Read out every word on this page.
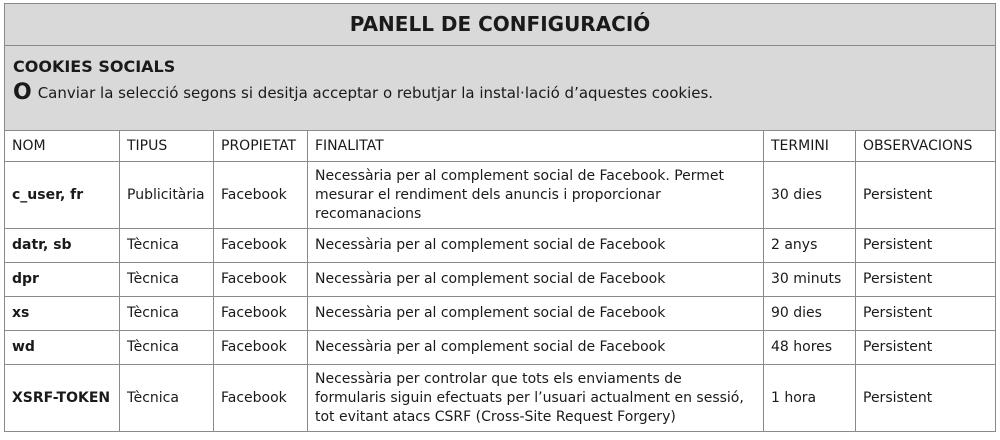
PANELL DE CONFIGURACIÓ					

COOKIES SOCIALS
O Canviar la selecció segons si desitja acceptar o rebutjar la instal·lació d’aquestes cookies.					

NOM	TIPUS	PROPIETAT	FINALITAT	TERMINI	OBSERVACIONS
c_user, fr	Publicitària	Facebook	Necessària per al complement social de Facebook. Permet mesurar el rendiment dels anuncis i proporcionar recomanacions	30 dies	Persistent
datr, sb	Tècnica	Facebook	Necessària per al complement social de Facebook	2 anys	Persistent
dpr	Tècnica	Facebook	Necessària per al complement social de Facebook	30 minuts	Persistent
xs	Tècnica	Facebook	Necessària per al complement social de Facebook	90 dies	Persistent
wd	Tècnica	Facebook	Necessària per al complement social de Facebook	48 hores	Persistent
XSRF-TOKEN	Tècnica	Facebook	Necessària per controlar que tots els enviaments de formularis siguin efectuats per l’usuari actualment en sessió, tot evitant atacs CSRF (Cross-Site Request Forgery)	1 hora	Persistent
